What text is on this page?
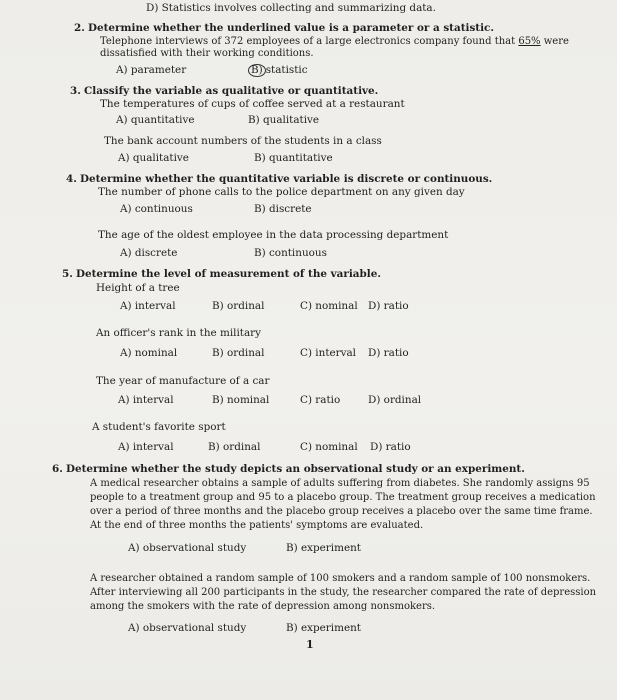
D) Statistics involves collecting and summarizing data.
2. Determine whether the underlined value is a parameter or a statistic.
Telephone interviews of 372 employees of a large electronics company found that 65% were
dissatisfied with their working conditions.
A) parameter	B) statistic
3. Classify the variable as qualitative or quantitative.
The temperatures of cups of coffee served at a restaurant
A) quantitative	B) qualitative
The bank account numbers of the students in a class
A) qualitative	B) quantitative
4. Determine whether the quantitative variable is discrete or continuous.
The number of phone calls to the police department on any given day
A) continuous	B) discrete
The age of the oldest employee in the data processing department
A) discrete	B) continuous
5. Determine the level of measurement of the variable.
Height of a tree
A) interval	B) ordinal	C) nominal D) ratio
An officer's rank in the military
A) nominal	B) ordinal	C) interval D) ratio
The year of manufacture of a car
A) interval	B) nominal	C) ratio	D) ordinal
A student's favorite sport
A) interval	B) ordinal	C) nominal D) ratio
6. Determine whether the study depicts an observational study or an experiment.
A medical researcher obtains a sample of adults suffering from diabetes. She randomly assigns 95
people to a treatment group and 95 to a placebo group. The treatment group receives a medication
over a period of three months and the placebo group receives a placebo over the same time frame.
At the end of three months the patients' symptoms are evaluated.
A) observational study	B) experiment
A researcher obtained a random sample of 100 smokers and a random sample of 100 nonsmokers.
After interviewing all 200 participants in the study, the researcher compared the rate of depression
among the smokers with the rate of depression among nonsmokers.
A) observational study	B) experiment
1
